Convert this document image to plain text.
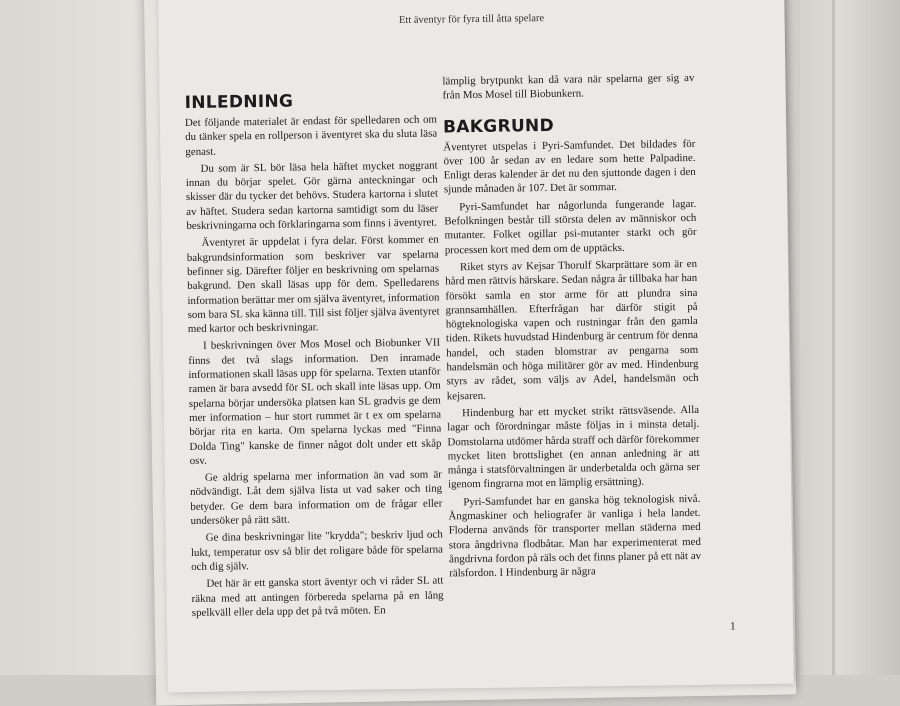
Ett äventyr för fyra till åtta spelare
INLEDNING

Det följande materialet är endast för spelledaren och om du tänker spela en rollperson i äventyret ska du sluta läsa genast.

Du som är SL bör läsa hela häftet mycket noggrant innan du börjar spelet. Gör gärna anteckningar och skisser där du tycker det behövs. Studera kartorna i slutet av häftet. Studera sedan kartorna samtidigt som du läser beskrivningarna och förklaringarna som finns i äventyret.

Äventyret är uppdelat i fyra delar. Först kommer en bakgrundsinformation som beskriver var spelarna befinner sig. Därefter följer en beskrivning om spelarnas bakgrund. Den skall läsas upp för dem. Spelledarens information berättar mer om själva äventyret, information som bara SL ska känna till. Till sist följer själva äventyret med kartor och beskrivningar.

I beskrivningen över Mos Mosel och Biobunker VII finns det två slags information. Den inramade informationen skall läsas upp för spelarna. Texten utanför ramen är bara avsedd för SL och skall inte läsas upp. Om spelarna börjar undersöka platsen kan SL gradvis ge dem mer information – hur stort rummet är t ex om spelarna börjar rita en karta. Om spelarna lyckas med "Finna Dolda Ting" kanske de finner något dolt under ett skåp osv.

Ge aldrig spelarna mer information än vad som är nödvändigt. Låt dem själva lista ut vad saker och ting betyder. Ge dem bara information om de frågar eller undersöker på rätt sätt.

Ge dina beskrivningar lite "krydda"; beskriv ljud och lukt, temperatur osv så blir det roligare både för spelarna och dig själv.

Det här är ett ganska stort äventyr och vi råder SL att räkna med att antingen förbereda spelarna på en lång spelkväll eller dela upp det på två möten. En

lämplig brytpunkt kan då vara när spelarna ger sig av från Mos Mosel till Biobunkern.

BAKGRUND

Äventyret utspelas i Pyri-Samfundet. Det bildades för över 100 år sedan av en ledare som hette Palpadine. Enligt deras kalender är det nu den sjuttonde dagen i den sjunde månaden år 107. Det är sommar.

Pyri-Samfundet har någorlunda fungerande lagar. Befolkningen består till största delen av människor och mutanter. Folket ogillar psi-mutanter starkt och gör processen kort med dem om de upptäcks.

Riket styrs av Kejsar Thorulf Skarprättare som är en hård men rättvis härskare. Sedan några år tillbaka har han försökt samla en stor arme för att plundra sina grannsamhällen. Efterfrågan har därför stigit på högteknologiska vapen och rustningar från den gamla tiden. Rikets huvudstad Hindenburg är centrum för denna handel, och staden blomstrar av pengarna som handelsmän och höga militärer gör av med. Hindenburg styrs av rådet, som väljs av Adel, handelsmän och kejsaren.

Hindenburg har ett mycket strikt rättsväsende. Alla lagar och förordningar måste följas in i minsta detalj. Domstolarna utdömer hårda straff och därför förekommer mycket liten brottslighet (en annan anledning är att många i statsförvaltningen är underbetalda och gärna ser igenom fingrarna mot en lämplig ersättning).

Pyri-Samfundet har en ganska hög teknologisk nivå. Ångmaskiner och heliografer är vanliga i hela landet. Floderna används för transporter mellan städerna med stora ångdrivna flodbåtar. Man har experimenterat med ångdrivna fordon på räls och det finns planer på ett nät av rälsfordon. I Hindenburg är några

1
